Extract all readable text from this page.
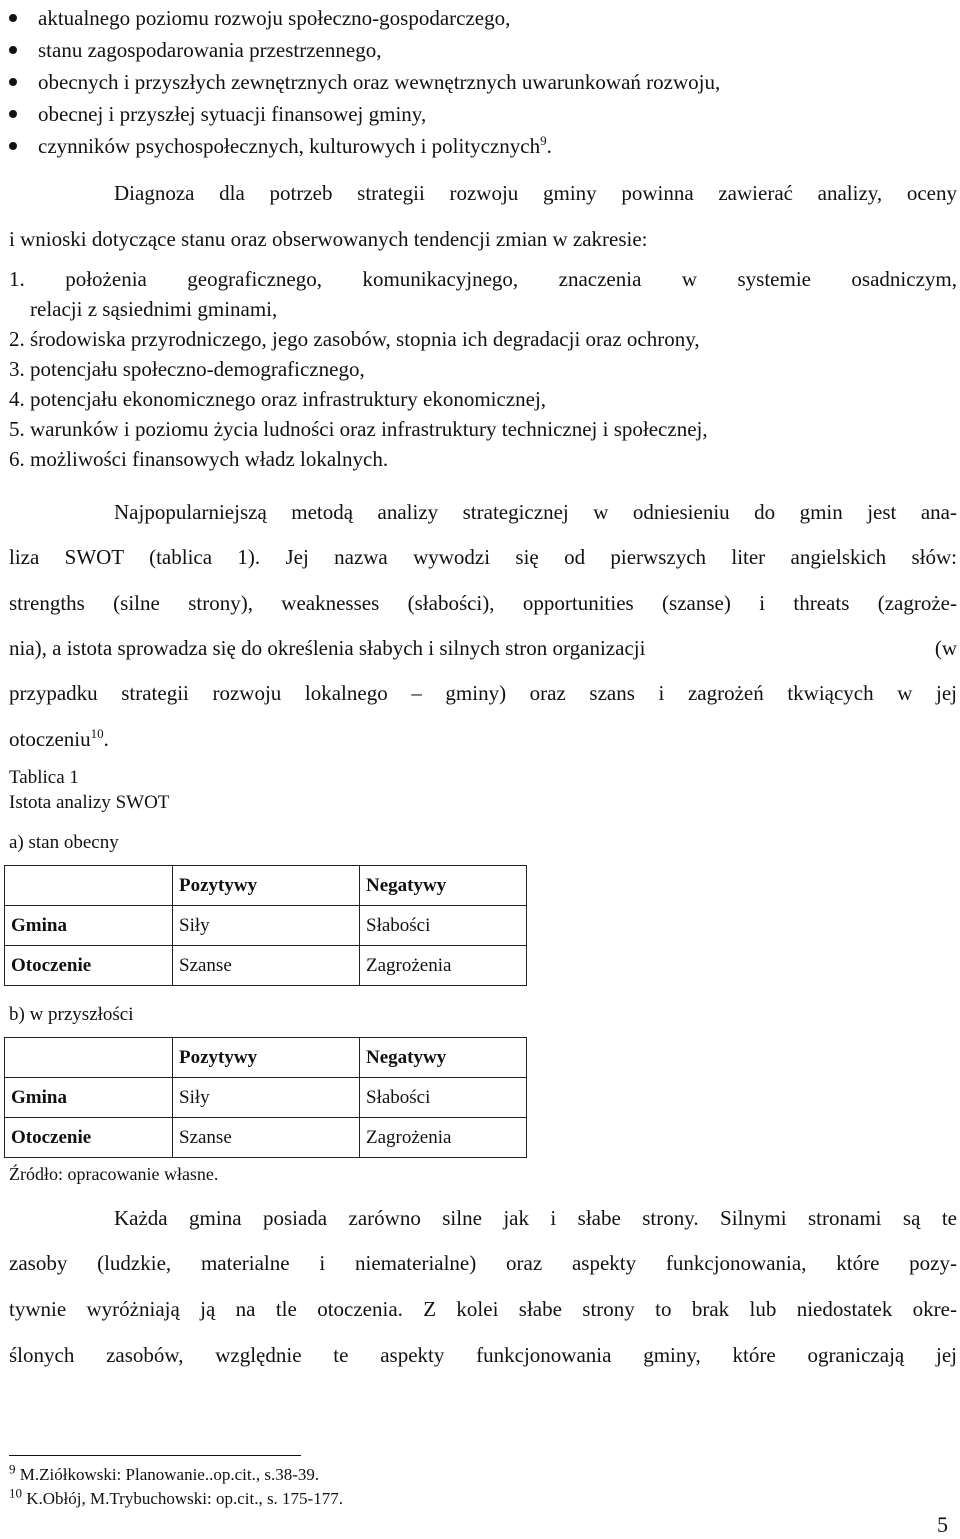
aktualnego poziomu rozwoju społeczno-gospodarczego,
stanu zagospodarowania przestrzennego,
obecnych i przyszłych zewnętrznych oraz wewnętrznych uwarunkowań rozwoju,
obecnej i przyszłej sytuacji finansowej gminy,
czynników psychospołecznych, kulturowych i politycznych$^9$.
Diagnoza dla potrzeb strategii rozwoju gminy powinna zawierać analizy, oceny
i wnioski dotyczące stanu oraz obserwowanych tendencji zmian w zakresie:
1. położenia geograficznego, komunikacyjnego, znaczenia w systemie osadniczym,
relacji z sąsiednimi gminami,
2. środowiska przyrodniczego, jego zasobów, stopnia ich degradacji oraz ochrony,
3. potencjału społeczno-demograficznego,
4. potencjału ekonomicznego oraz infrastruktury ekonomicznej,
5. warunków i poziomu życia ludności oraz infrastruktury technicznej i społecznej,
6. możliwości finansowych władz lokalnych.
Najpopularniejszą metodą analizy strategicznej w odniesieniu do gmin jest ana-
liza SWOT (tablica 1). Jej nazwa wywodzi się od pierwszych liter angielskich słów:
strengths (silne strony), weaknesses (słabości), opportunities (szanse) i threats (zagroże-
nia), a istota sprowadza się do określenia słabych i silnych stron organizacji	(w
przypadku strategii rozwoju lokalnego – gminy) oraz szans i zagrożeń tkwiących w jej
otoczeniu$^{10}$.
Tablica 1
Istota analizy SWOT
a) stan obecny
	Pozytywy	Negatywy
Gmina	Siły	Słabości
Otoczenie	Szanse	Zagrożenia
b) w przyszłości
	Pozytywy	Negatywy
Gmina	Siły	Słabości
Otoczenie	Szanse	Zagrożenia
Źródło: opracowanie własne.
Każda gmina posiada zarówno silne jak i słabe strony. Silnymi stronami są te
zasoby (ludzkie, materialne i niematerialne) oraz aspekty funkcjonowania, które pozy-
tywnie wyróżniają ją na tle otoczenia. Z kolei słabe strony to brak lub niedostatek okre-
ślonych zasobów, względnie te aspekty funkcjonowania gminy, które ograniczają jej
$^9$ M.Ziółkowski: Planowanie..op.cit., s.38-39.
$^{10}$ K.Obłój, M.Trybuchowski: op.cit., s. 175-177.
5
